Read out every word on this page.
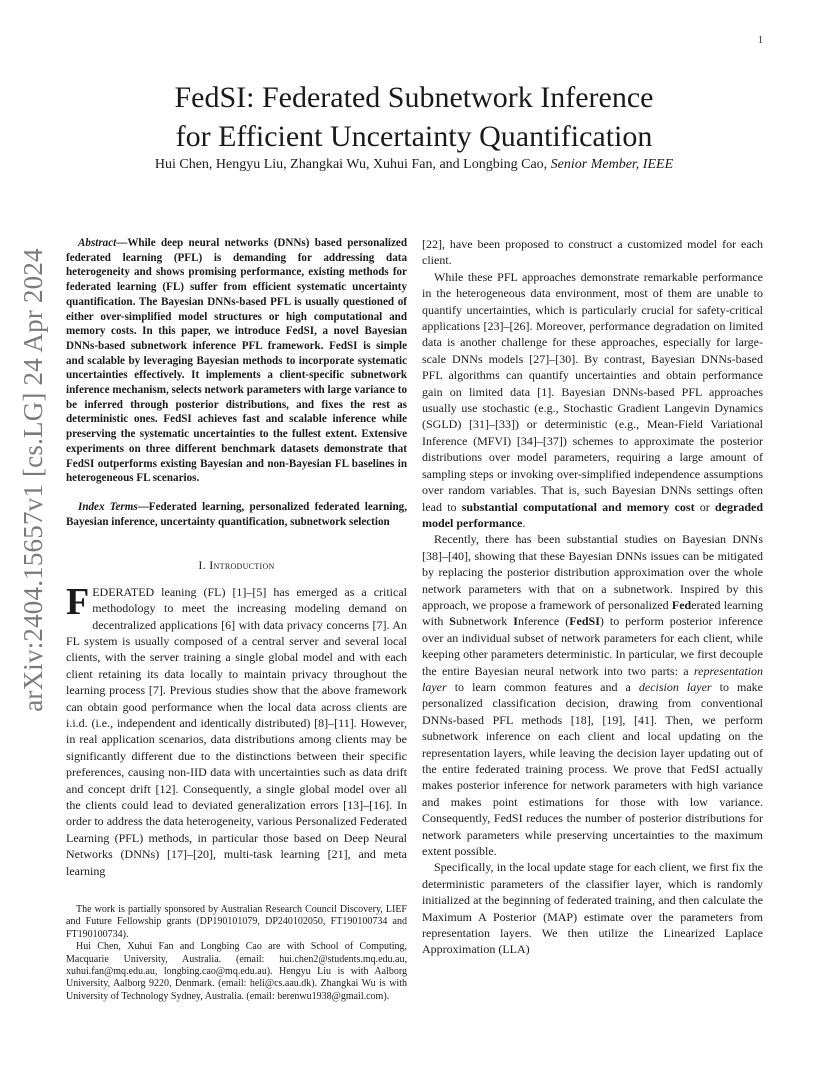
1
arXiv:2404.15657v1 [cs.LG] 24 Apr 2024
FedSI: Federated Subnetwork Inference
for Efficient Uncertainty Quantification
Hui Chen, Hengyu Liu, Zhangkai Wu, Xuhui Fan, and Longbing Cao, Senior Member, IEEE

Abstract—While deep neural networks (DNNs) based personalized federated learning (PFL) is demanding for addressing data heterogeneity and shows promising performance, existing methods for federated learning (FL) suffer from efficient systematic uncertainty quantification. The Bayesian DNNs-based PFL is usually questioned of either over-simplified model structures or high computational and memory costs. In this paper, we introduce FedSI, a novel Bayesian DNNs-based subnetwork inference PFL framework. FedSI is simple and scalable by leveraging Bayesian methods to incorporate systematic uncertainties effectively. It implements a client-specific subnetwork inference mechanism, selects network parameters with large variance to be inferred through posterior distributions, and fixes the rest as deterministic ones. FedSI achieves fast and scalable inference while preserving the systematic uncertainties to the fullest extent. Extensive experiments on three different benchmark datasets demonstrate that FedSI outperforms existing Bayesian and non-Bayesian FL baselines in heterogeneous FL scenarios.

Index Terms—Federated learning, personalized federated learning, Bayesian inference, uncertainty quantification, subnetwork selection

I. Introduction

FEDERATED leaning (FL) [1]–[5] has emerged as a critical methodology to meet the increasing modeling demand on decentralized applications [6] with data privacy concerns [7]. An FL system is usually composed of a central server and several local clients, with the server training a single global model and with each client retaining its data locally to maintain privacy throughout the learning process [7]. Previous studies show that the above framework can obtain good performance when the local data across clients are i.i.d. (i.e., independent and identically distributed) [8]–[11]. However, in real application scenarios, data distributions among clients may be significantly different due to the distinctions between their specific preferences, causing non-IID data with uncertainties such as data drift and concept drift [12]. Consequently, a single global model over all the clients could lead to deviated generalization errors [13]–[16]. In order to address the data heterogeneity, various Personalized Federated Learning (PFL) methods, in particular those based on Deep Neural Networks (DNNs) [17]–[20], multi-task learning [21], and meta learning

The work is partially sponsored by Australian Research Council Discovery, LIEF and Future Fellowship grants (DP190101079, DP240102050, FT190100734 and FT190100734).

Hui Chen, Xuhui Fan and Longbing Cao are with School of Computing, Macquarie University, Australia. (email: hui.chen2@students.mq.edu.au, xuhui.fan@mq.edu.au, longbing.cao@mq.edu.au). Hengyu Liu is with Aalborg University, Aalborg 9220, Denmark. (email: heli@cs.aau.dk). Zhangkai Wu is with University of Technology Sydney, Australia. (email: berenwu1938@gmail.com).

[22], have been proposed to construct a customized model for each client.

While these PFL approaches demonstrate remarkable performance in the heterogeneous data environment, most of them are unable to quantify uncertainties, which is particularly crucial for safety-critical applications [23]–[26]. Moreover, performance degradation on limited data is another challenge for these approaches, especially for large-scale DNNs models [27]–[30]. By contrast, Bayesian DNNs-based PFL algorithms can quantify uncertainties and obtain performance gain on limited data [1]. Bayesian DNNs-based PFL approaches usually use stochastic (e.g., Stochastic Gradient Langevin Dynamics (SGLD) [31]–[33]) or deterministic (e.g., Mean-Field Variational Inference (MFVI) [34]–[37]) schemes to approximate the posterior distributions over model parameters, requiring a large amount of sampling steps or invoking over-simplified independence assumptions over random variables. That is, such Bayesian DNNs settings often lead to substantial computational and memory cost or degraded model performance.

Recently, there has been substantial studies on Bayesian DNNs [38]–[40], showing that these Bayesian DNNs issues can be mitigated by replacing the posterior distribution approximation over the whole network parameters with that on a subnetwork. Inspired by this approach, we propose a framework of personalized Federated learning with Subnetwork Inference (FedSI) to perform posterior inference over an individual subset of network parameters for each client, while keeping other parameters deterministic. In particular, we first decouple the entire Bayesian neural network into two parts: a representation layer to learn common features and a decision layer to make personalized classification decision, drawing from conventional DNNs-based PFL methods [18], [19], [41]. Then, we perform subnetwork inference on each client and local updating on the representation layers, while leaving the decision layer updating out of the entire federated training process. We prove that FedSI actually makes posterior inference for network parameters with high variance and makes point estimations for those with low variance. Consequently, FedSI reduces the number of posterior distributions for network parameters while preserving uncertainties to the maximum extent possible.

Specifically, in the local update stage for each client, we first fix the deterministic parameters of the classifier layer, which is randomly initialized at the beginning of federated training, and then calculate the Maximum A Posterior (MAP) estimate over the parameters from representation layers. We then utilize the Linearized Laplace Approximation (LLA)
